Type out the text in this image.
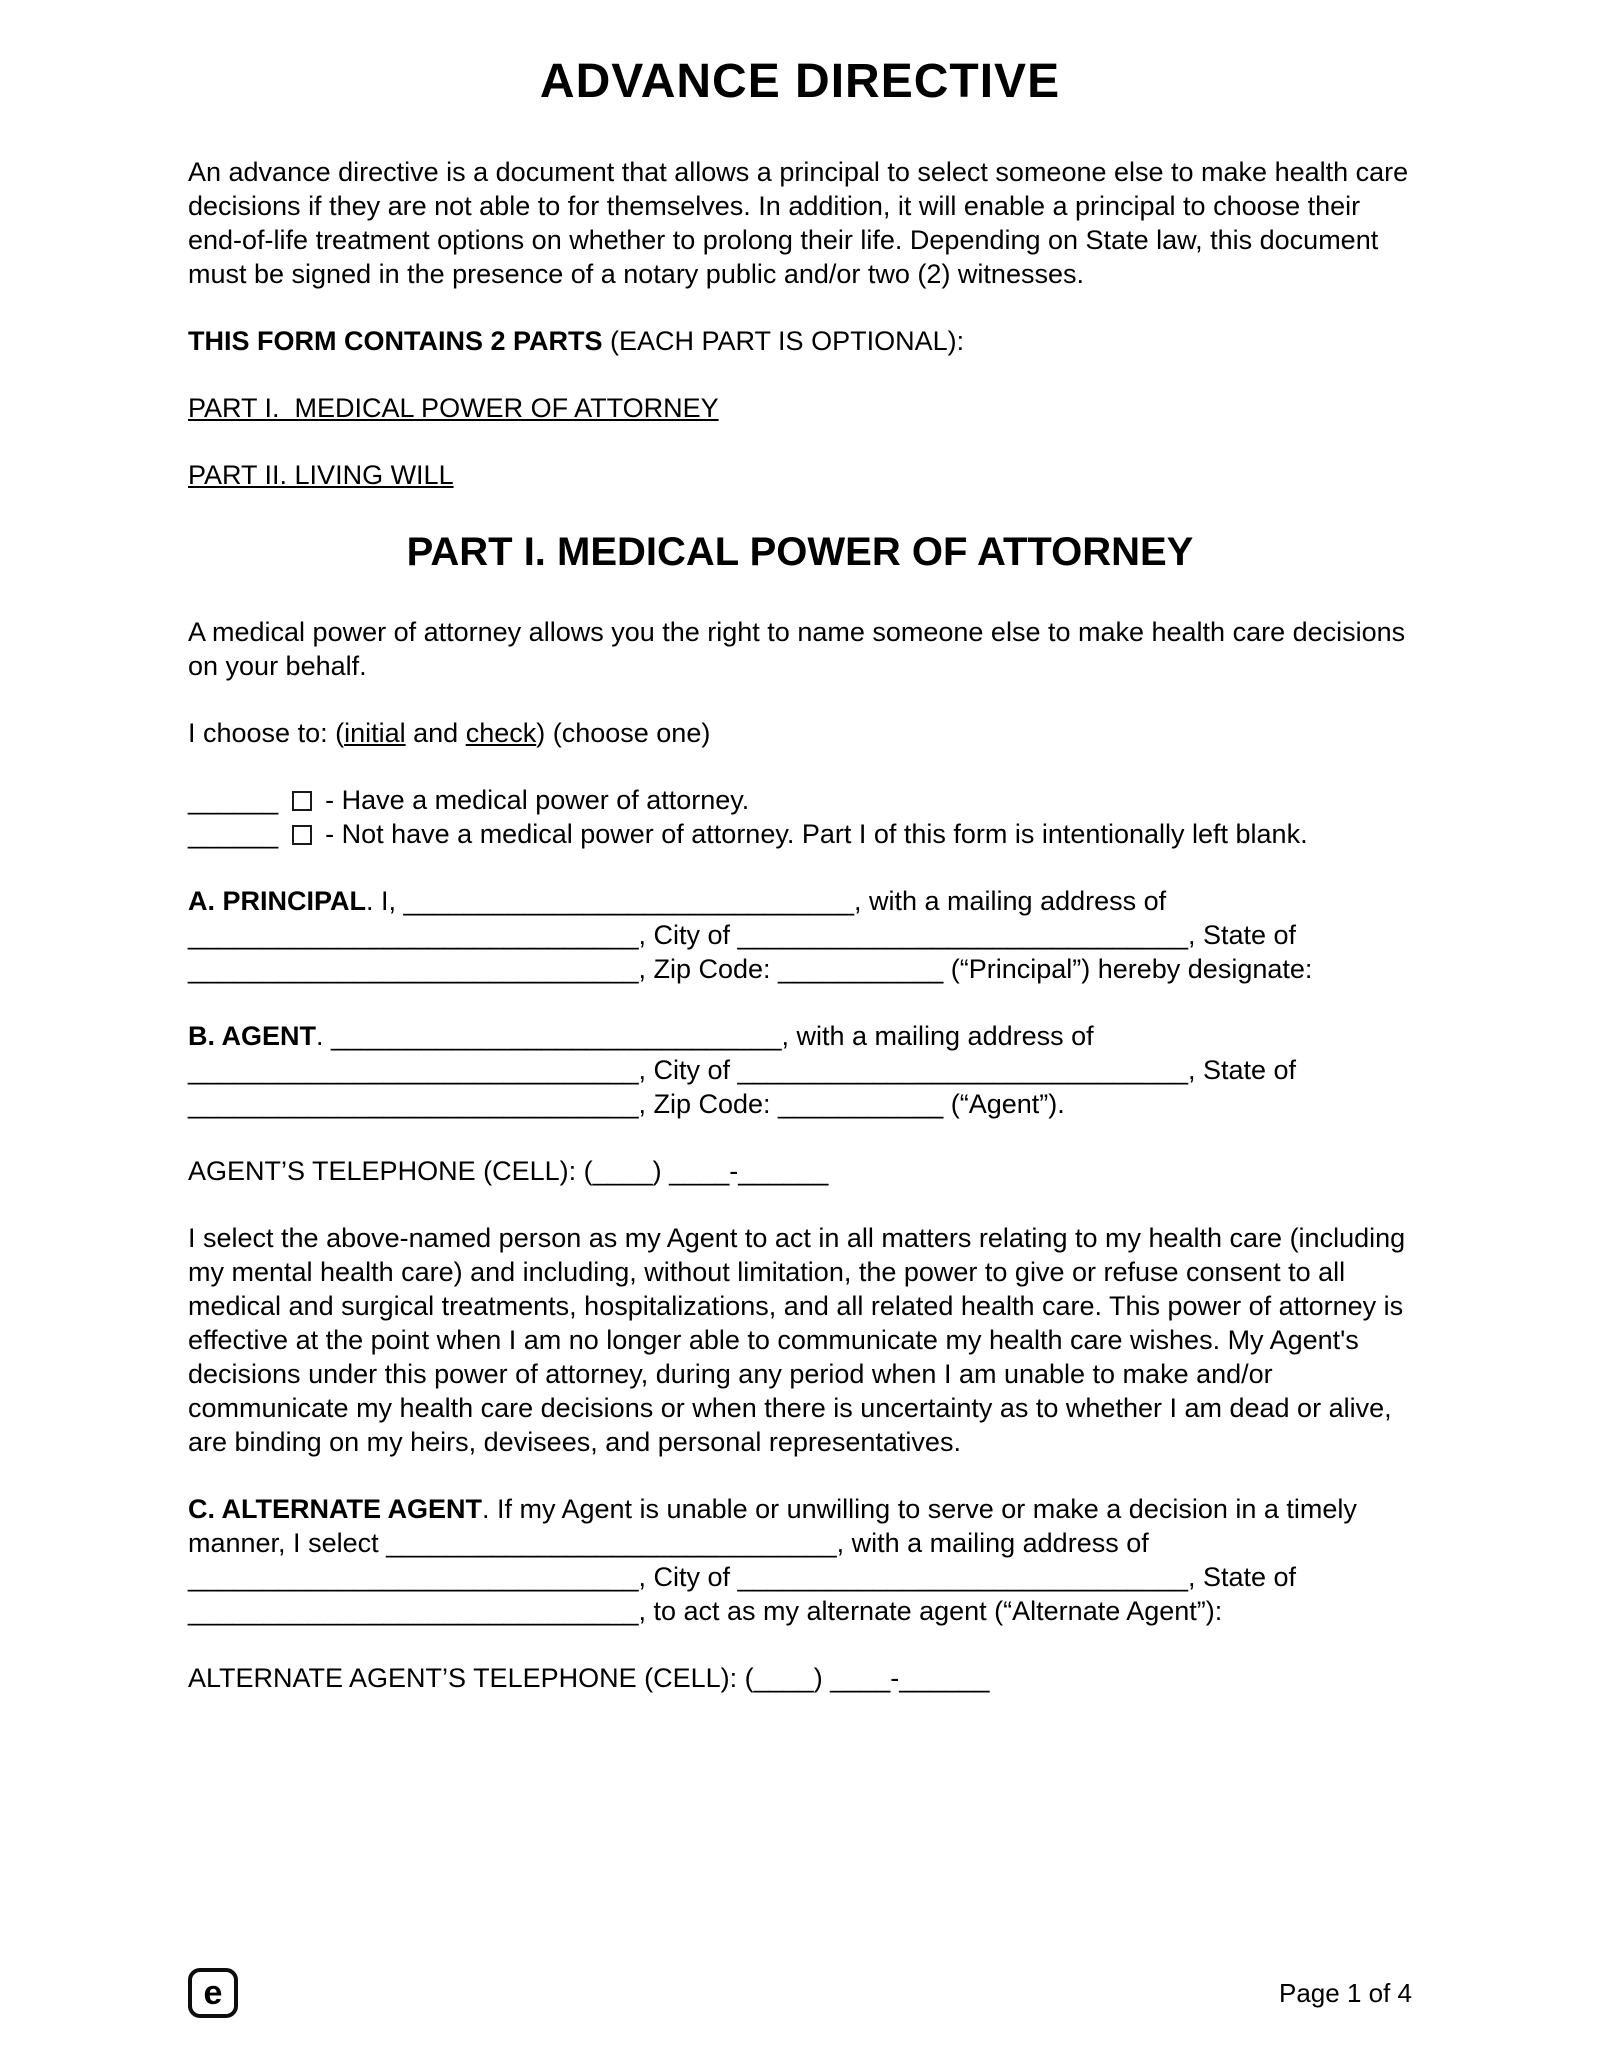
ADVANCE DIRECTIVE

An advance directive is a document that allows a principal to select someone else to make health care decisions if they are not able to for themselves. In addition, it will enable a principal to choose their end-of-life treatment options on whether to prolong their life. Depending on State law, this document must be signed in the presence of a notary public and/or two (2) witnesses.

THIS FORM CONTAINS 2 PARTS (EACH PART IS OPTIONAL):

PART I.  MEDICAL POWER OF ATTORNEY

PART II. LIVING WILL

PART I. MEDICAL POWER OF ATTORNEY

A medical power of attorney allows you the right to name someone else to make health care decisions on your behalf.

I choose to: (initial and check) (choose one)

______  - Have a medical power of attorney.
______  - Not have a medical power of attorney. Part I of this form is intentionally left blank.

A. PRINCIPAL. I, ______________________________, with a mailing address of ______________________________, City of ______________________________, State of ______________________________, Zip Code: ___________ (“Principal”) hereby designate:

B. AGENT. ______________________________, with a mailing address of ______________________________, City of ______________________________, State of ______________________________, Zip Code: ___________ (“Agent”).

AGENT’S TELEPHONE (CELL): (____) ____-______

I select the above-named person as my Agent to act in all matters relating to my health care (including my mental health care) and including, without limitation, the power to give or refuse consent to all medical and surgical treatments, hospitalizations, and all related health care. This power of attorney is effective at the point when I am no longer able to communicate my health care wishes. My Agent's decisions under this power of attorney, during any period when I am unable to make and/or communicate my health care decisions or when there is uncertainty as to whether I am dead or alive, are binding on my heirs, devisees, and personal representatives.

C. ALTERNATE AGENT. If my Agent is unable or unwilling to serve or make a decision in a timely manner, I select ______________________________, with a mailing address of ______________________________, City of ______________________________, State of ______________________________, to act as my alternate agent (“Alternate Agent”):

ALTERNATE AGENT’S TELEPHONE (CELL): (____) ____-______

e	Page 1 of 4
